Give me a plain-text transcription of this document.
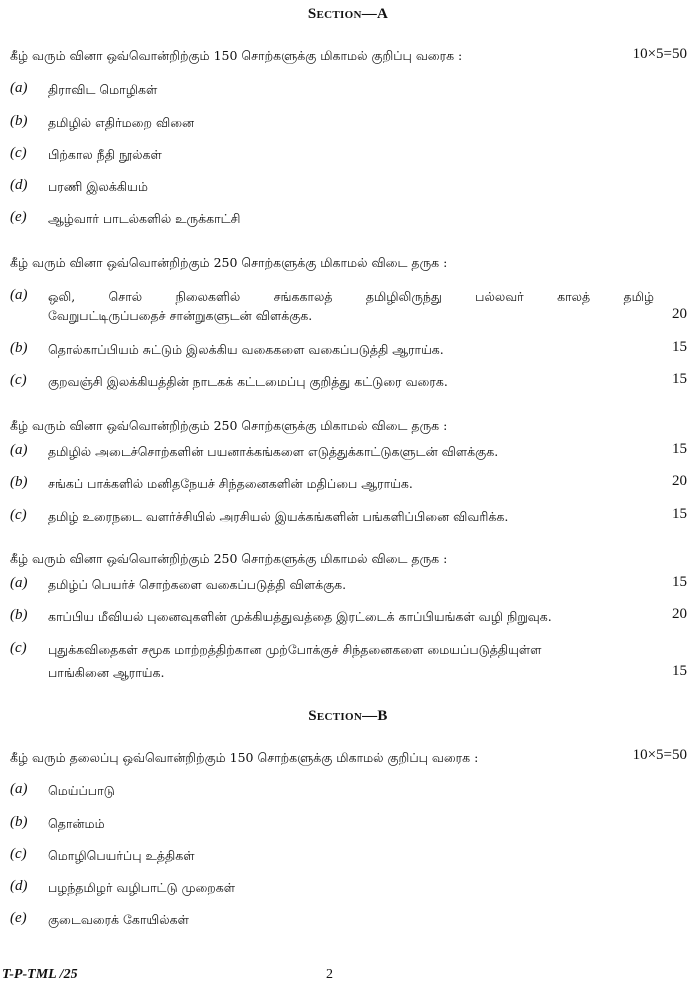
Section—A
கீழ் வரும் வினா ஒவ்வொன்றிற்கும் 150 சொற்களுக்கு மிகாமல் குறிப்பு வரைக :	10×5=50
(a) திராவிட மொழிகள்
(b) தமிழில் எதிர்மறை வினை
(c) பிற்கால நீதி நூல்கள்
(d) பரணி இலக்கியம்
(e) ஆழ்வார் பாடல்களில் உருக்காட்சி
கீழ் வரும் வினா ஒவ்வொன்றிற்கும் 250 சொற்களுக்கு மிகாமல் விடை தருக :
(a) ஒலி,	சொல்	நிலைகளில்	சங்ககாலத்	தமிழிலிருந்து	பல்லவர்	காலத்	தமிழ்
வேறுபட்டிருப்பதைச் சான்றுகளுடன் விளக்குக.	20
(b) தொல்காப்பியம் சுட்டும் இலக்கிய வகைகளை வகைப்படுத்தி ஆராய்க.	15
(c) குறவஞ்சி இலக்கியத்தின் நாடகக் கட்டமைப்பு குறித்து கட்டுரை வரைக.	15
கீழ் வரும் வினா ஒவ்வொன்றிற்கும் 250 சொற்களுக்கு மிகாமல் விடை தருக :
(a) தமிழில் அடைச்சொற்களின் பயனாக்கங்களை எடுத்துக்காட்டுகளுடன் விளக்குக.	15
(b) சங்கப் பாக்களில் மனிதநேயச் சிந்தனைகளின் மதிப்பை ஆராய்க.	20
(c) தமிழ் உரைநடை வளர்ச்சியில் அரசியல் இயக்கங்களின் பங்களிப்பினை விவரிக்க.	15
கீழ் வரும் வினா ஒவ்வொன்றிற்கும் 250 சொற்களுக்கு மிகாமல் விடை தருக :
(a) தமிழ்ப் பெயர்ச் சொற்களை வகைப்படுத்தி விளக்குக.	15
(b) காப்பிய மீவியல் புனைவுகளின் முக்கியத்துவத்தை இரட்டைக் காப்பியங்கள் வழி நிறுவுக.	20
(c) புதுக்கவிதைகள் சமூக மாற்றத்திற்கான முற்போக்குச் சிந்தனைகளை மையப்படுத்தியுள்ள
பாங்கினை ஆராய்க.	15
Section—B
கீழ் வரும் தலைப்பு ஒவ்வொன்றிற்கும் 150 சொற்களுக்கு மிகாமல் குறிப்பு வரைக :	10×5=50
(a) மெய்ப்பாடு
(b) தொன்மம்
(c) மொழிபெயர்ப்பு உத்திகள்
(d) பழந்தமிழர் வழிபாட்டு முறைகள்
(e) குடைவரைக் கோயில்கள்
T-P-TML /25	2
